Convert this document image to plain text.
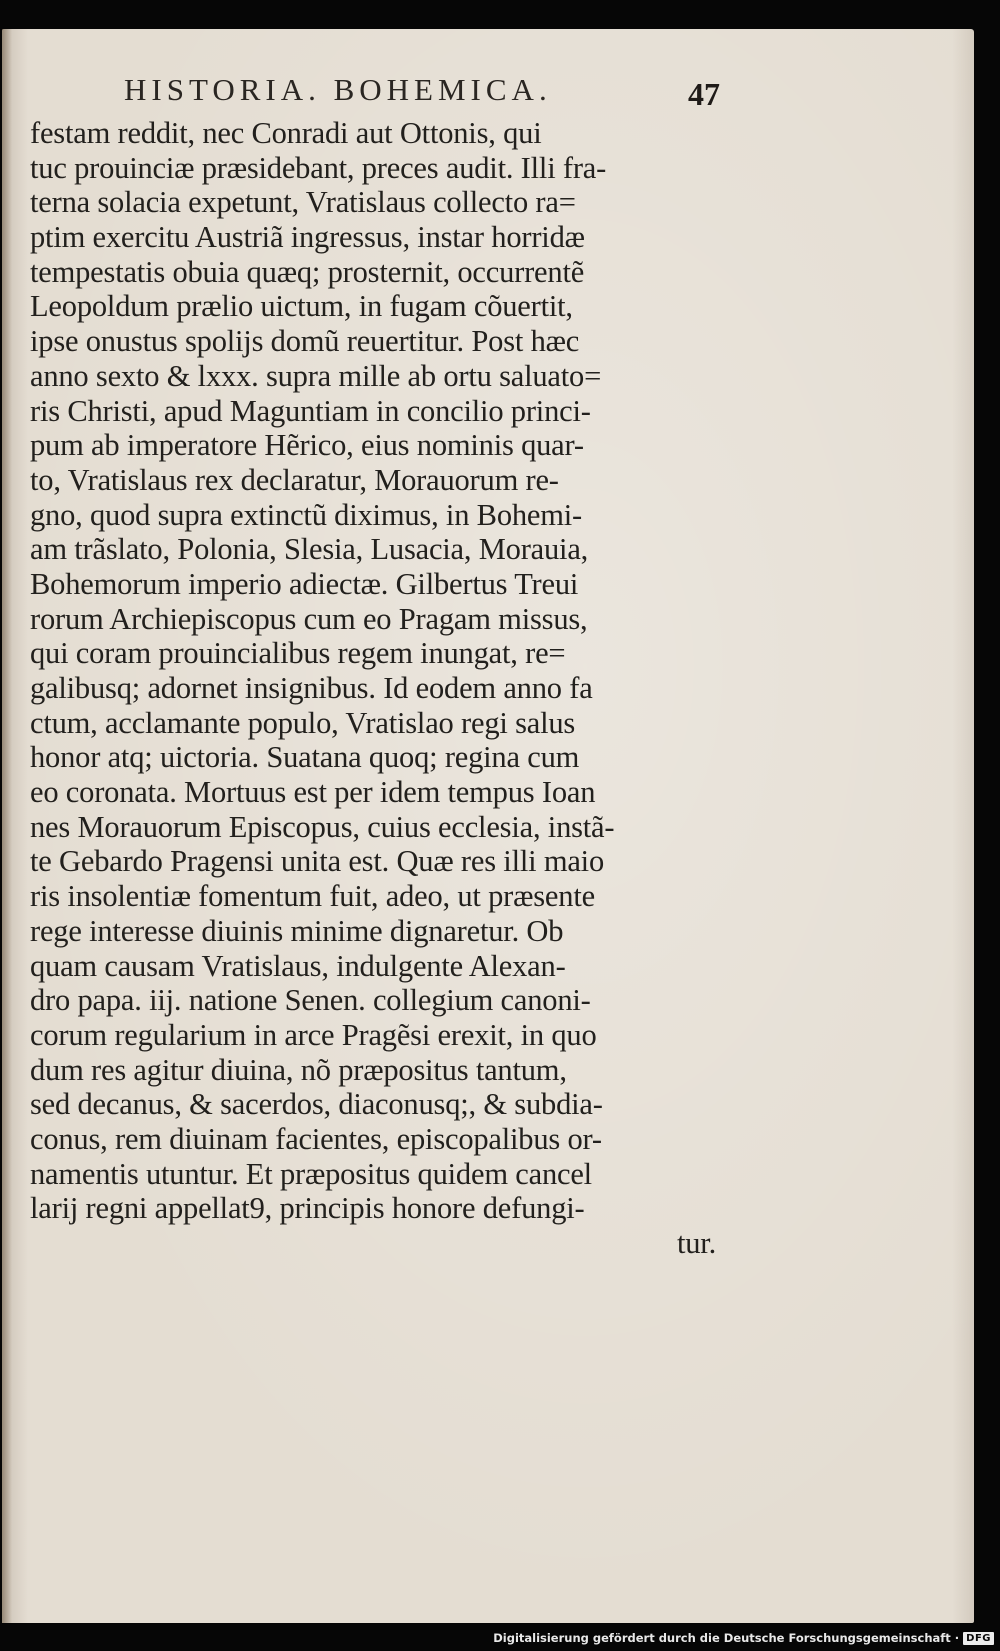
HISTORIA. BOHEMICA.	47
festam reddit, nec Conradi aut Ottonis, qui
tuc prouinciæ præsidebant, preces audit. Illi fra-
terna solacia expetunt, Vratislaus collecto ra=
ptim exercitu Austriã ingressus, instar horridæ
tempestatis obuia quæq; prosternit, occurrentẽ
Leopoldum prælio uictum, in fugam cõuertit,
ipse onustus spolijs domũ reuertitur. Post hæc
anno sexto & lxxx. supra mille ab ortu saluato=
ris Christi, apud Maguntiam in concilio princi-
pum ab imperatore Hẽrico, eius nominis quar-
to, Vratislaus rex declaratur, Morauorum re-
gno, quod supra extinctũ diximus, in Bohemi-
am trãslato, Polonia, Slesia, Lusacia, Morauia,
Bohemorum imperio adiectæ. Gilbertus Treui
rorum Archiepiscopus cum eo Pragam missus,
qui coram prouincialibus regem inungat, re=
galibusq; adornet insignibus. Id eodem anno fa
ctum, acclamante populo, Vratislao regi salus
honor atq; uictoria. Suatana quoq; regina cum
eo coronata. Mortuus est per idem tempus Ioan
nes Morauorum Episcopus, cuius ecclesia, instã-
te Gebardo Pragensi unita est. Quæ res illi maio
ris insolentiæ fomentum fuit, adeo, ut præsente
rege interesse diuinis minime dignaretur. Ob
quam causam Vratislaus, indulgente Alexan-
dro papa. iij. natione Senen. collegium canoni-
corum regularium in arce Pragẽsi erexit, in quo
dum res agitur diuina, nõ præpositus tantum,
sed decanus, & sacerdos, diaconusq;, & subdia-
conus, rem diuinam facientes, episcopalibus or-
namentis utuntur. Et præpositus quidem cancel
larij regni appellat9, principis honore defungi-
tur.
Digitalisierung gefördert durch die Deutsche Forschungsgemeinschaft · DFG
